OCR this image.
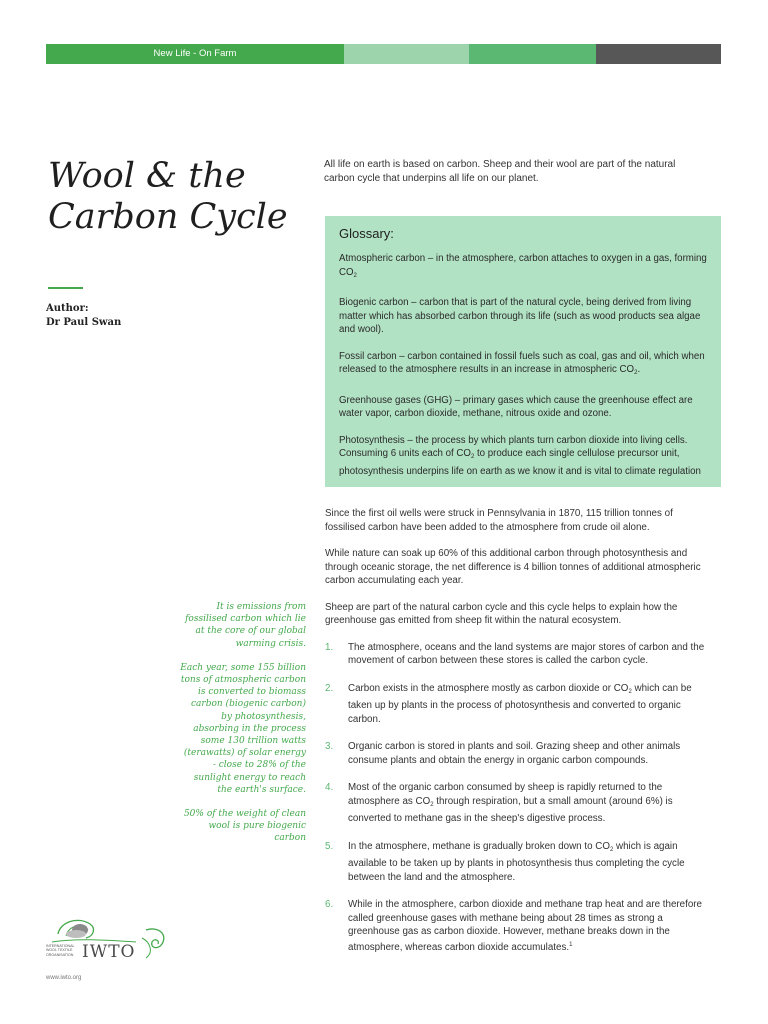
New Life - On Farm
Wool & the
Carbon Cycle
Author:
Dr Paul Swan
All life on earth is based on carbon. Sheep and their wool are part of the natural carbon cycle that underpins all life on our planet.
Glossary:

Atmospheric carbon – in the atmosphere, carbon attaches to oxygen in a gas, forming $CO_2$

Biogenic carbon – carbon that is part of the natural cycle, being derived from living matter which has absorbed carbon through its life (such as wood products sea algae and wool).

Fossil carbon – carbon contained in fossil fuels such as coal, gas and oil, which when released to the atmosphere results in an increase in atmospheric $CO_2$.

Greenhouse gases (GHG) – primary gases which cause the greenhouse effect are water vapor, carbon dioxide, methane, nitrous oxide and ozone.

Photosynthesis – the process by which plants turn carbon dioxide into living cells. Consuming 6 units each of $CO_2$ to produce each single cellulose precursor unit, photosynthesis underpins life on earth as we know it and is vital to climate regulation

Since the first oil wells were struck in Pennsylvania in 1870, 115 trillion tonnes of fossilised carbon have been added to the atmosphere from crude oil alone.

While nature can soak up 60% of this additional carbon through photosynthesis and through oceanic storage, the net difference is 4 billion tonnes of additional atmospheric carbon accumulating each year.

Sheep are part of the natural carbon cycle and this cycle helps to explain how the greenhouse gas emitted from sheep fit within the natural ecosystem.

1. The atmosphere, oceans and the land systems are major stores of carbon and the movement of carbon between these stores is called the carbon cycle.
2. Carbon exists in the atmosphere mostly as carbon dioxide or $CO_2$ which can be taken up by plants in the process of photosynthesis and converted to organic carbon.
3. Organic carbon is stored in plants and soil. Grazing sheep and other animals consume plants and obtain the energy in organic carbon compounds.
4. Most of the organic carbon consumed by sheep is rapidly returned to the atmosphere as $CO_2$ through respiration, but a small amount (around 6%) is converted to methane gas in the sheep's digestive process.
5. In the atmosphere, methane is gradually broken down to $CO_2$ which is again available to be taken up by plants in photosynthesis thus completing the cycle between the land and the atmosphere.
6. While in the atmosphere, carbon dioxide and methane trap heat and are therefore called greenhouse gases with methane being about 28 times as strong a greenhouse gas as carbon dioxide. However, methane breaks down in the atmosphere, whereas carbon dioxide accumulates.$^1$

It is emissions from fossilised carbon which lie at the core of our global warming crisis.

Each year, some 155 billion tons of atmospheric carbon is converted to biomass carbon (biogenic carbon) by photosynthesis, absorbing in the process some 130 trillion watts (terawatts) of solar energy - close to 28% of the sunlight energy to reach the earth's surface.

50% of the weight of clean wool is pure biogenic carbon

INTERNATIONAL WOOL TEXTILE ORGANISATION IWTO
www.iwto.org
